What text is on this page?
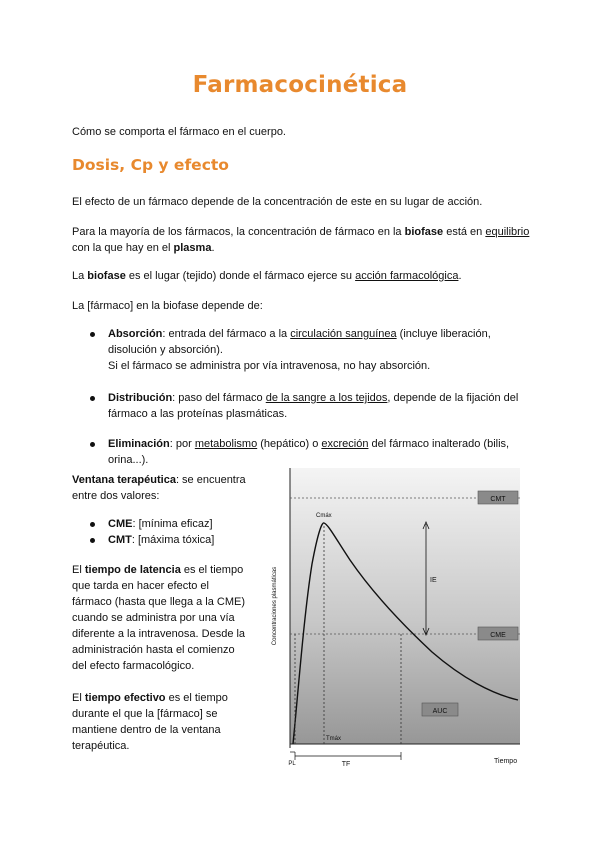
Farmacocinética
Cómo se comporta el fármaco en el cuerpo.
Dosis, Cp y efecto
El efecto de un fármaco depende de la concentración de este en su lugar de acción.
Para la mayoría de los fármacos, la concentración de fármaco en la biofase está en equilibrio con la que hay en el plasma.
La biofase es el lugar (tejido) donde el fármaco ejerce su acción farmacológica.
La [fármaco] en la biofase depende de:
Absorción: entrada del fármaco a la circulación sanguínea (incluye liberación, disolución y absorción).
Si el fármaco se administra por vía intravenosa, no hay absorción.
Distribución: paso del fármaco de la sangre a los tejidos, depende de la fijación del fármaco a las proteínas plasmáticas.
Eliminación: por metabolismo (hepático) o excreción del fármaco inalterado (bilis, orina...).
Ventana terapéutica: se encuentra entre dos valores:
CME: [mínima eficaz]
CMT: [máxima tóxica]
El tiempo de latencia es el tiempo que tarda en hacer efecto el fármaco (hasta que llega a la CME) cuando se administra por una vía diferente a la intravenosa. Desde la administración hasta el comienzo del efecto farmacológico.
El tiempo efectivo es el tiempo durante el que la [fármaco] se mantiene dentro de la ventana terapéutica.
CMT
CME
Cmáx
Tmáx
IE
AUC
TF
PL	Tiempo
Concentraciones plasmáticas
